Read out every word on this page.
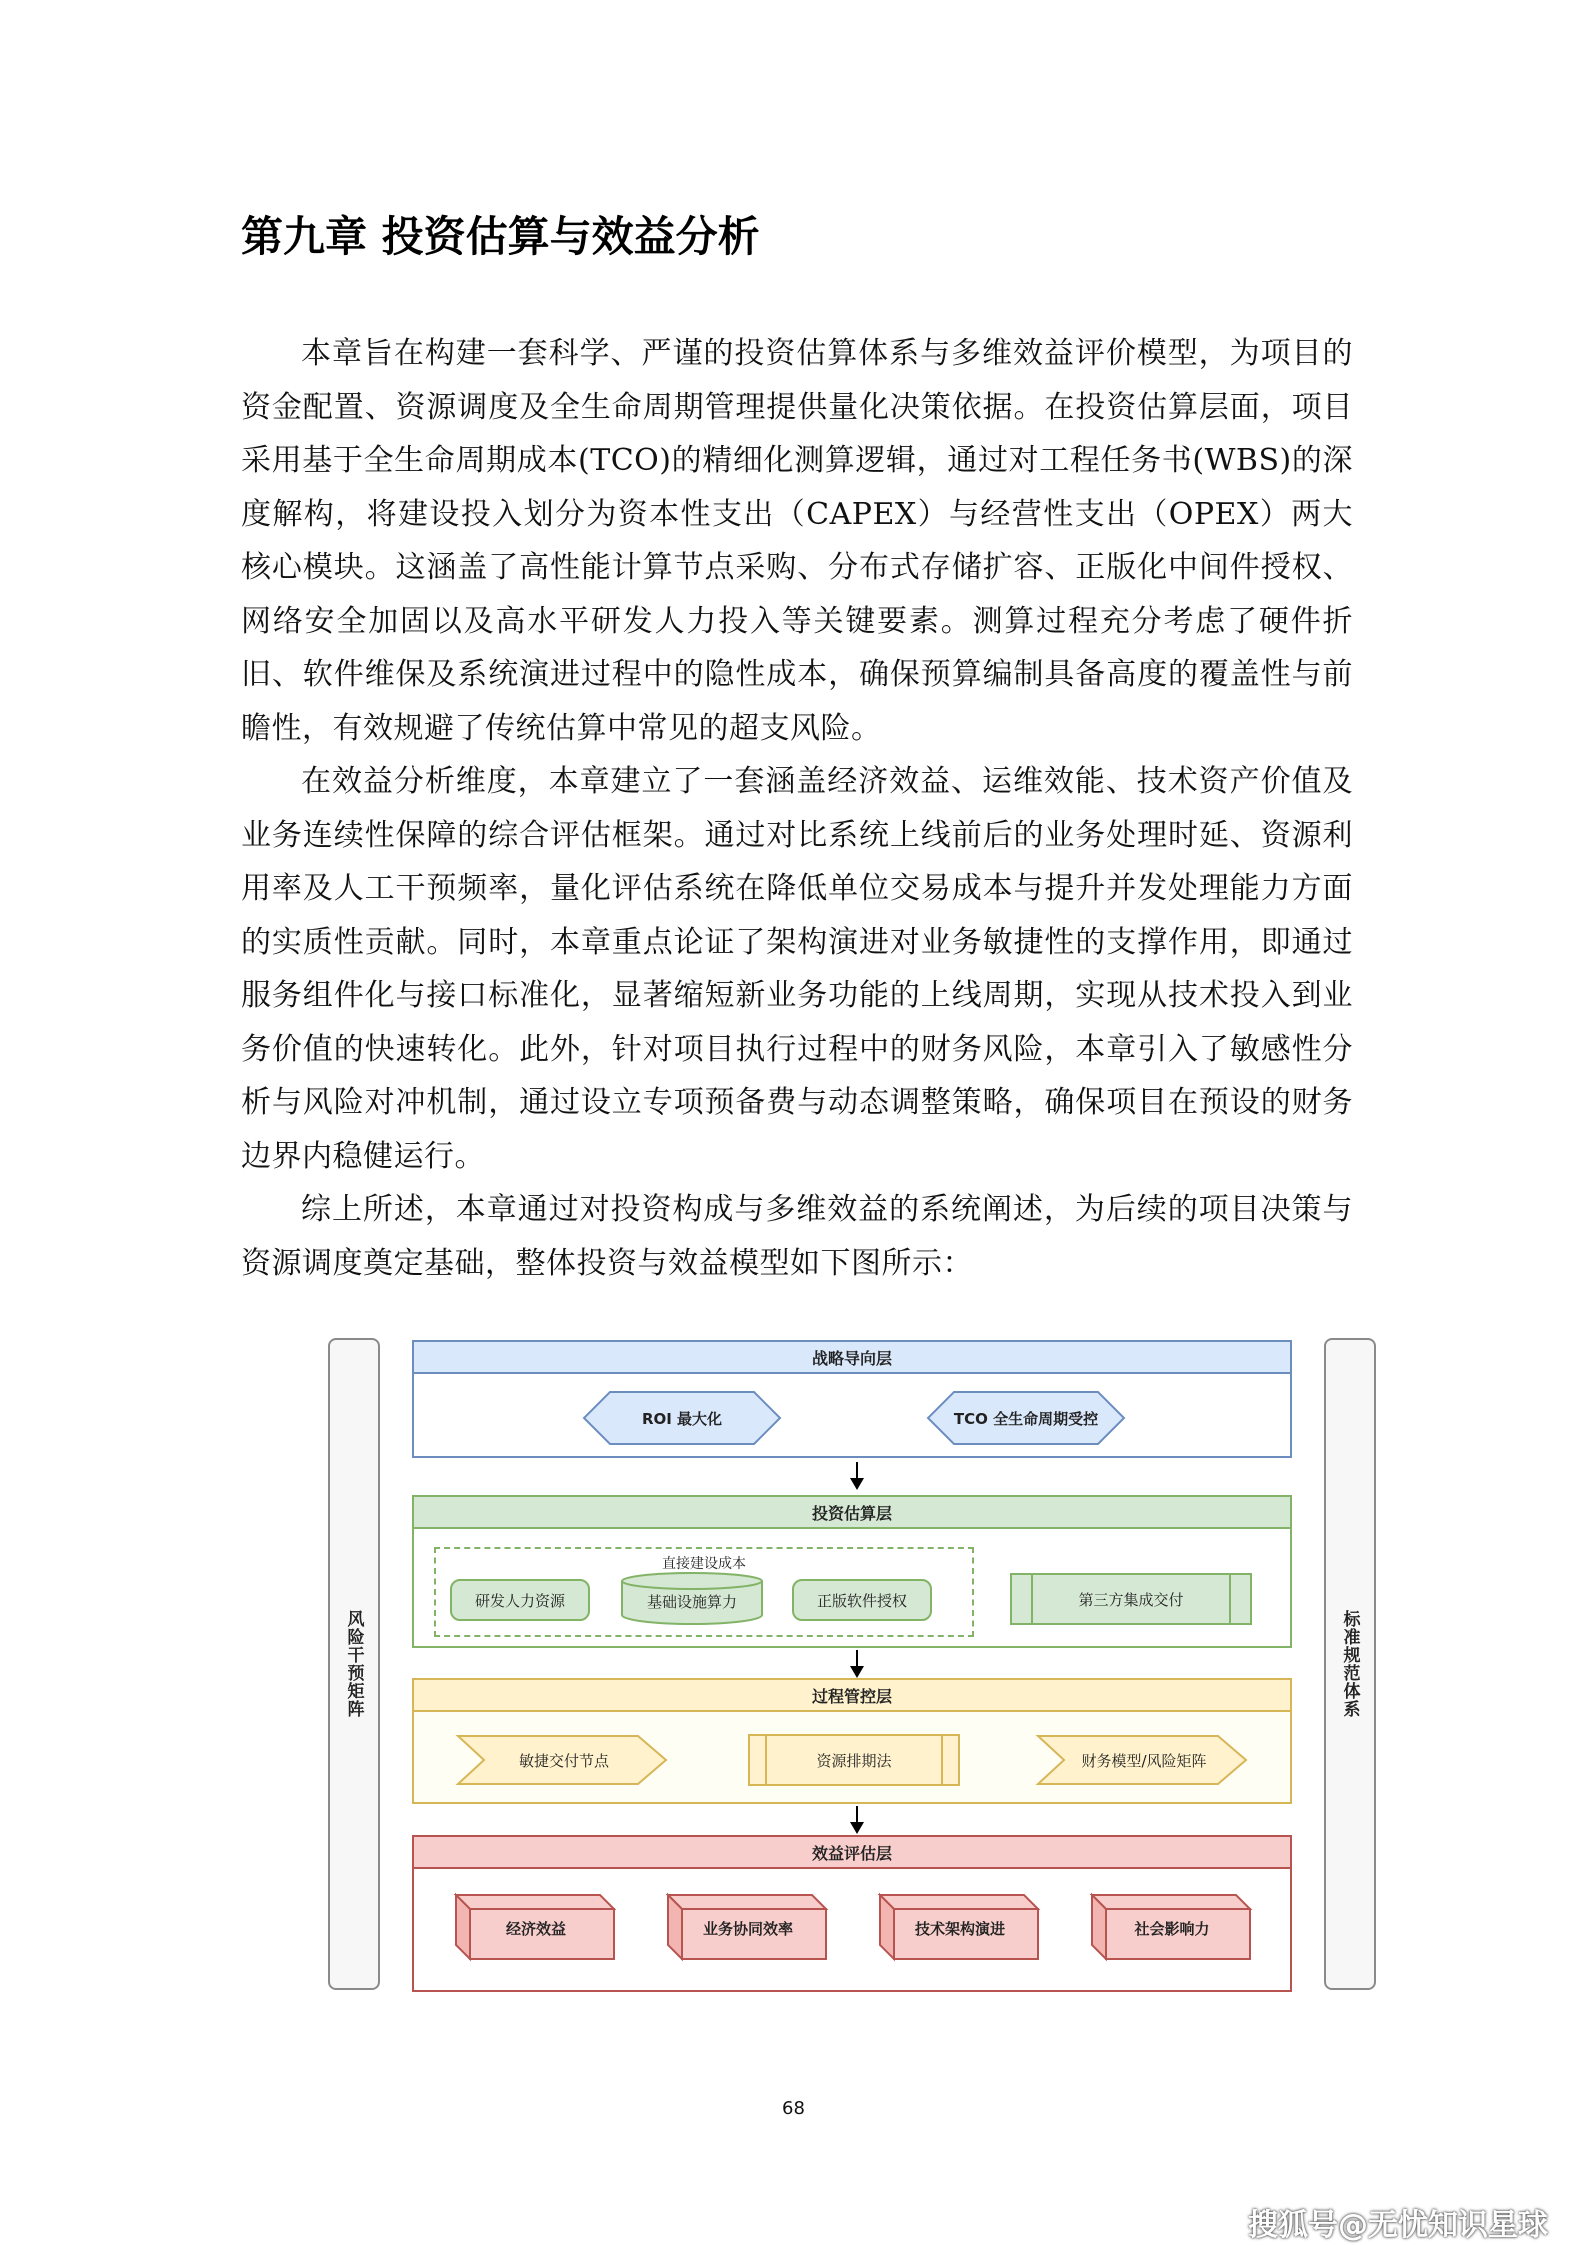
第九章 投资估算与效益分析

本章旨在构建一套科学、严谨的投资估算体系与多维效益评价模型，为项目的资金配置、资源调度及全生命周期管理提供量化决策依据。在投资估算层面，项目采用基于全生命周期成本(TCO)的精细化测算逻辑，通过对工程任务书(WBS)的深度解构，将建设投入划分为资本性支出（CAPEX）与经营性支出（OPEX）两大核心模块。这涵盖了高性能计算节点采购、分布式存储扩容、正版化中间件授权、网络安全加固以及高水平研发人力投入等关键要素。测算过程充分考虑了硬件折旧、软件维保及系统演进过程中的隐性成本，确保预算编制具备高度的覆盖性与前瞻性，有效规避了传统估算中常见的超支风险。

在效益分析维度，本章建立了一套涵盖经济效益、运维效能、技术资产价值及业务连续性保障的综合评估框架。通过对比系统上线前后的业务处理时延、资源利用率及人工干预频率，量化评估系统在降低单位交易成本与提升并发处理能力方面的实质性贡献。同时，本章重点论证了架构演进对业务敏捷性的支撑作用，即通过服务组件化与接口标准化，显著缩短新业务功能的上线周期，实现从技术投入到业务价值的快速转化。此外，针对项目执行过程中的财务风险，本章引入了敏感性分析与风险对冲机制，通过设立专项预备费与动态调整策略，确保项目在预设的财务边界内稳健运行。

综上所述，本章通过对投资构成与多维效益的系统阐述，为后续的项目决策与资源调度奠定基础，整体投资与效益模型如下图所示：

风险干预矩阵	标准规范体系
战略导向层
ROI 最大化	TCO 全生命周期受控
投资估算层
直接建设成本
研发人力资源	基础设施算力	正版软件授权	第三方集成交付
过程管控层
敏捷交付节点	资源排期法	财务模型/风险矩阵
效益评估层
经济效益	业务协同效率	技术架构演进	社会影响力
68
搜狐号@无忧知识星球
